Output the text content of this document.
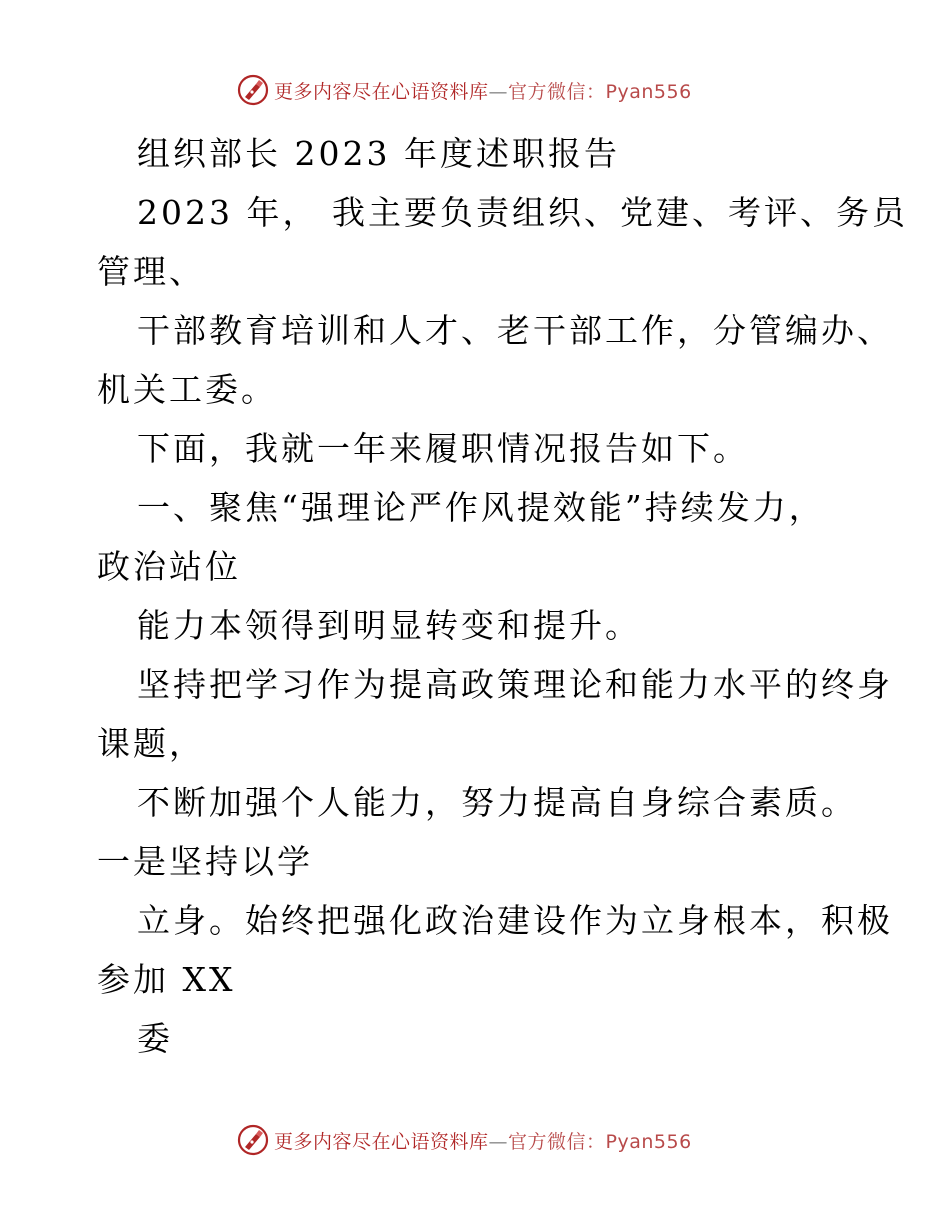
更多内容尽在心语资料库—官方微信：Pyan556
组织部长 2023 年度述职报告
2023 年， 我主要负责组织、党建、考评、务员
管理、
干部教育培训和人才、老干部工作，分管编办、
机关工委。
下面，我就一年来履职情况报告如下。
一、聚焦“强理论严作风提效能”持续发力，
政治站位
能力本领得到明显转变和提升。
坚持把学习作为提高政策理论和能力水平的终身
课题，
不断加强个人能力，努力提高自身综合素质。
一是坚持以学
立身。始终把强化政治建设作为立身根本，积极
参加 XX
委
更多内容尽在心语资料库—官方微信：Pyan556
